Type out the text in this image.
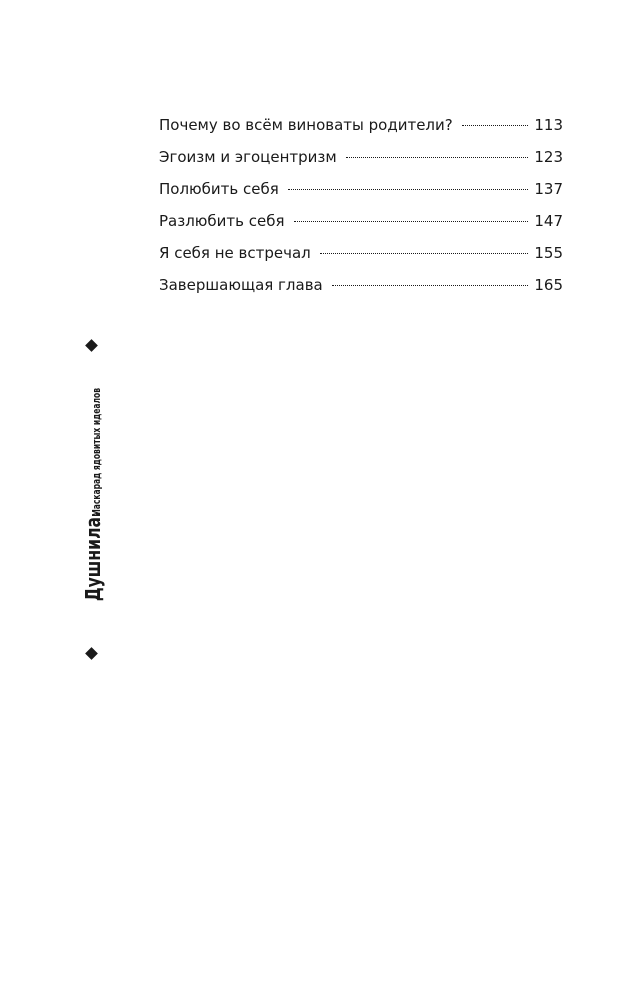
Почему во всём виноваты родители?	113
Эгоизм и эгоцентризм	123
Полюбить себя	137
Разлюбить себя	147
Я себя не встречал	155
Завершающая глава	165
Душнила.
Маскарад ядовитых идеалов
